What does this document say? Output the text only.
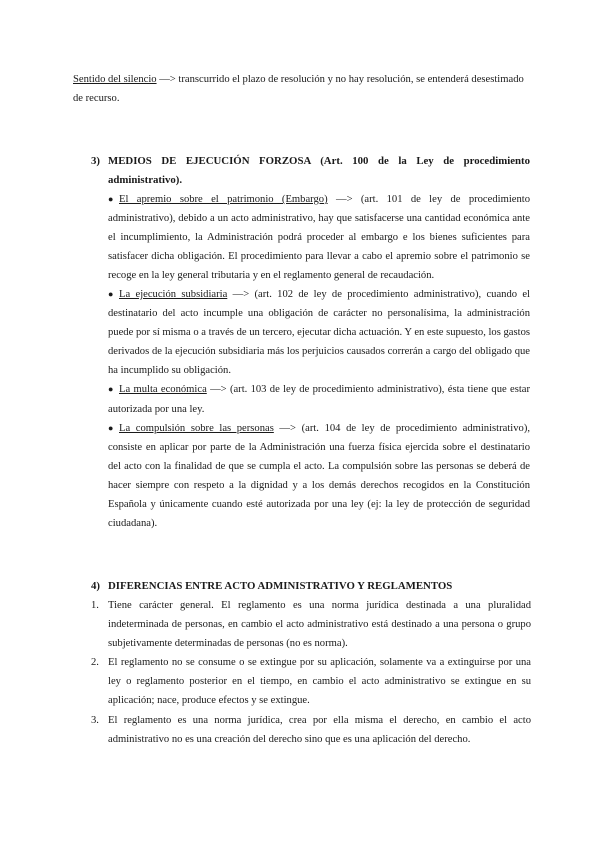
Sentido del silencio —> transcurrido el plazo de resolución y no hay resolución, se entenderá desestimado de recurso.
3) MEDIOS DE EJECUCIÓN FORZOSA (Art. 100 de la Ley de procedimiento administrativo).

● El apremio sobre el patrimonio (Embargo) —> (art. 101 de ley de procedimiento administrativo), debido a un acto administrativo, hay que satisfacerse una cantidad económica ante el incumplimiento, la Administración podrá proceder al embargo e los bienes suficientes para satisfacer dicha obligación. El procedimiento para llevar a cabo el apremio sobre el patrimonio se recoge en la ley general tributaria y en el reglamento general de recaudación.

● La ejecución subsidiaria —> (art. 102 de ley de procedimiento administrativo), cuando el destinatario del acto incumple una obligación de carácter no personalísima, la administración puede por sí misma o a través de un tercero, ejecutar dicha actuación. Y en este supuesto, los gastos derivados de la ejecución subsidiaria más los perjuicios causados correrán a cargo del obligado que ha incumplido su obligación.

● La multa económica —> (art. 103 de ley de procedimiento administrativo), ésta tiene que estar autorizada por una ley.

● La compulsión sobre las personas —> (art. 104 de ley de procedimiento administrativo), consiste en aplicar por parte de la Administración una fuerza física ejercida sobre el destinatario del acto con la finalidad de que se cumpla el acto. La compulsión sobre las personas se deberá de hacer siempre con respeto a la dignidad y a los demás derechos recogidos en la Constitución Española y únicamente cuando esté autorizada por una ley (ej: la ley de protección de seguridad ciudadana).

4) DIFERENCIAS ENTRE ACTO ADMINISTRATIVO Y REGLAMENTOS

1. Tiene carácter general. El reglamento es una norma jurídica destinada a una pluralidad indeterminada de personas, en cambio el acto administrativo está destinado a una persona o grupo subjetivamente determinadas de personas (no es norma).

2. El reglamento no se consume o se extingue por su aplicación, solamente va a extinguirse por una ley o reglamento posterior en el tiempo, en cambio el acto administrativo se extingue en su aplicación; nace, produce efectos y se extingue.

3. El reglamento es una norma jurídica, crea por ella misma el derecho, en cambio el acto administrativo no es una creación del derecho sino que es una aplicación del derecho.
